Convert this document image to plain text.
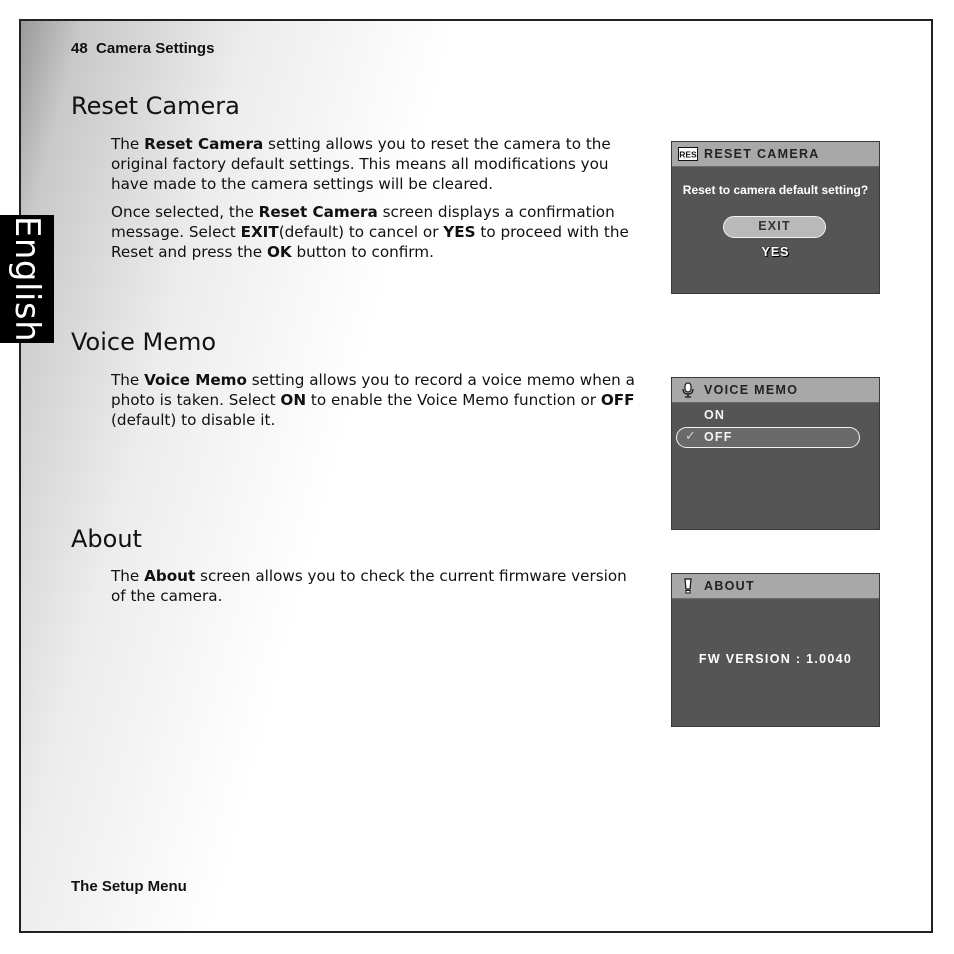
48 Camera Settings
English
Reset Camera

The Reset Camera setting allows you to reset the camera to the original factory default settings. This means all modifications you have made to the camera settings will be cleared.

Once selected, the Reset Camera screen displays a confirmation message. Select EXIT(default) to cancel or YES to proceed with the Reset and press the OK button to confirm.

RES RESET CAMERA
Reset to camera default setting?
EXIT
YES
Voice Memo

The Voice Memo setting allows you to record a voice memo when a photo is taken. Select ON to enable the Voice Memo function or OFF (default) to disable it.

VOICE MEMO
ON
✓ OFF
About

The About screen allows you to check the current firmware version of the camera.

ABOUT
FW VERSION : 1.0040
The Setup Menu
